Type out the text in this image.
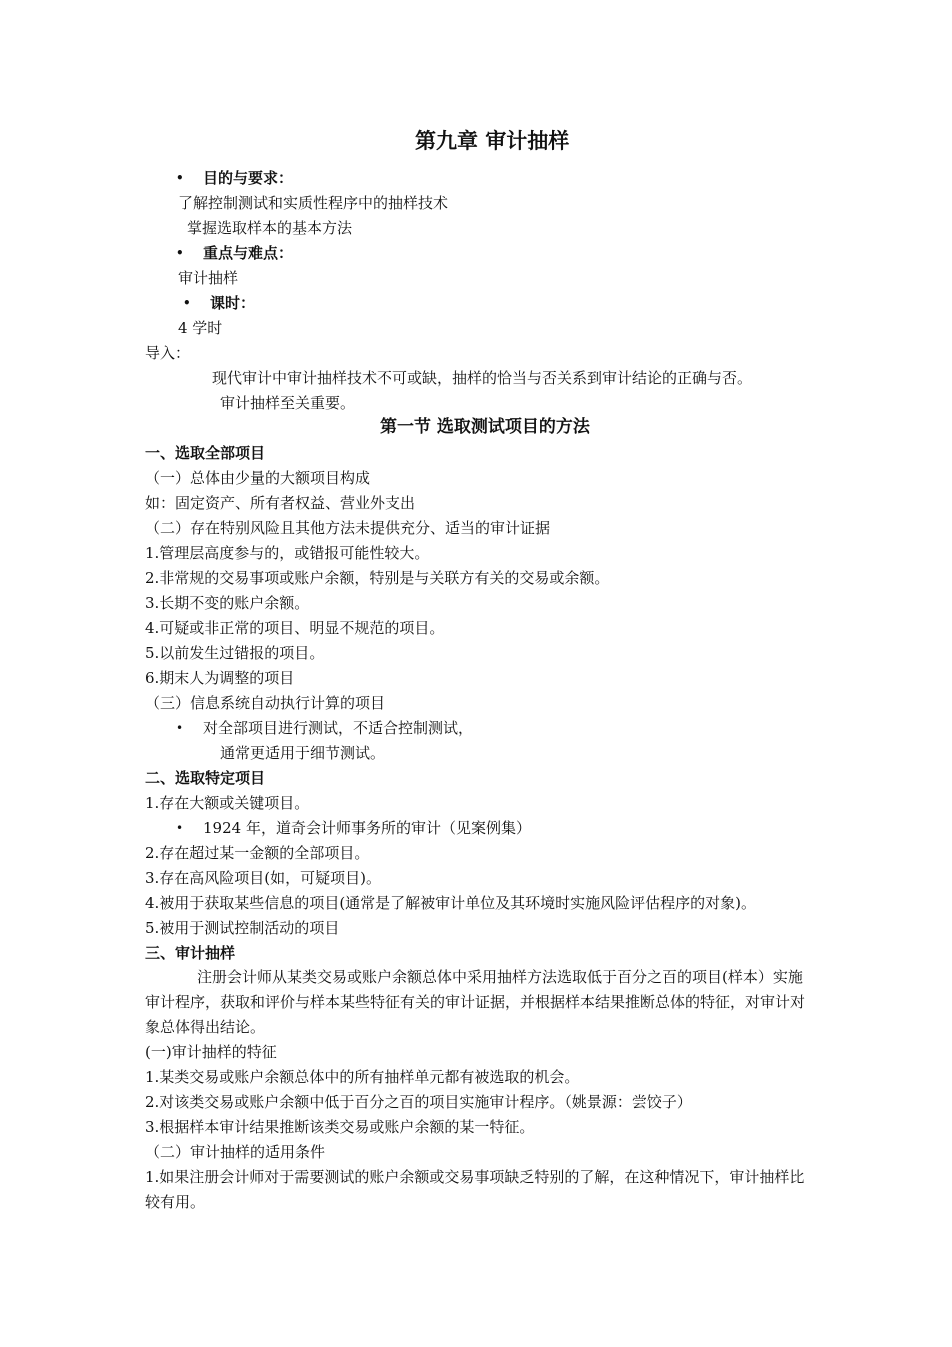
第九章 审计抽样
• 目的与要求：
了解控制测试和实质性程序中的抽样技术
掌握选取样本的基本方法
• 重点与难点：
审计抽样
• 课时：
4 学时
导入：
现代审计中审计抽样技术不可或缺，抽样的恰当与否关系到审计结论的正确与否。
审计抽样至关重要。
第一节 选取测试项目的方法
一、选取全部项目
（一）总体由少量的大额项目构成
如：固定资产、所有者权益、营业外支出
（二）存在特别风险且其他方法未提供充分、适当的审计证据
1.管理层高度参与的，或错报可能性较大。
2.非常规的交易事项或账户余额，特别是与关联方有关的交易或余额。
3.长期不变的账户余额。
4.可疑或非正常的项目、明显不规范的项目。
5.以前发生过错报的项目。
6.期末人为调整的项目
（三）信息系统自动执行计算的项目
• 对全部项目进行测试，不适合控制测试，
通常更适用于细节测试。
二、选取特定项目
1.存在大额或关键项目。
• 1924 年，道奇会计师事务所的审计（见案例集）
2.存在超过某一金额的全部项目。
3.存在高风险项目(如，可疑项目)。
4.被用于获取某些信息的项目(通常是了解被审计单位及其环境时实施风险评估程序的对象)。
5.被用于测试控制活动的项目
三、审计抽样
注册会计师从某类交易或账户余额总体中采用抽样方法选取低于百分之百的项目(样本）实施审计程序，获取和评价与样本某些特征有关的审计证据，并根据样本结果推断总体的特征，对审计对象总体得出结论。
(一)审计抽样的特征
1.某类交易或账户余额总体中的所有抽样单元都有被选取的机会。
2.对该类交易或账户余额中低于百分之百的项目实施审计程序。（姚景源：尝饺子）
3.根据样本审计结果推断该类交易或账户余额的某一特征。
（二）审计抽样的适用条件
1.如果注册会计师对于需要测试的账户余额或交易事项缺乏特别的了解，在这种情况下，审计抽样比较有用。
